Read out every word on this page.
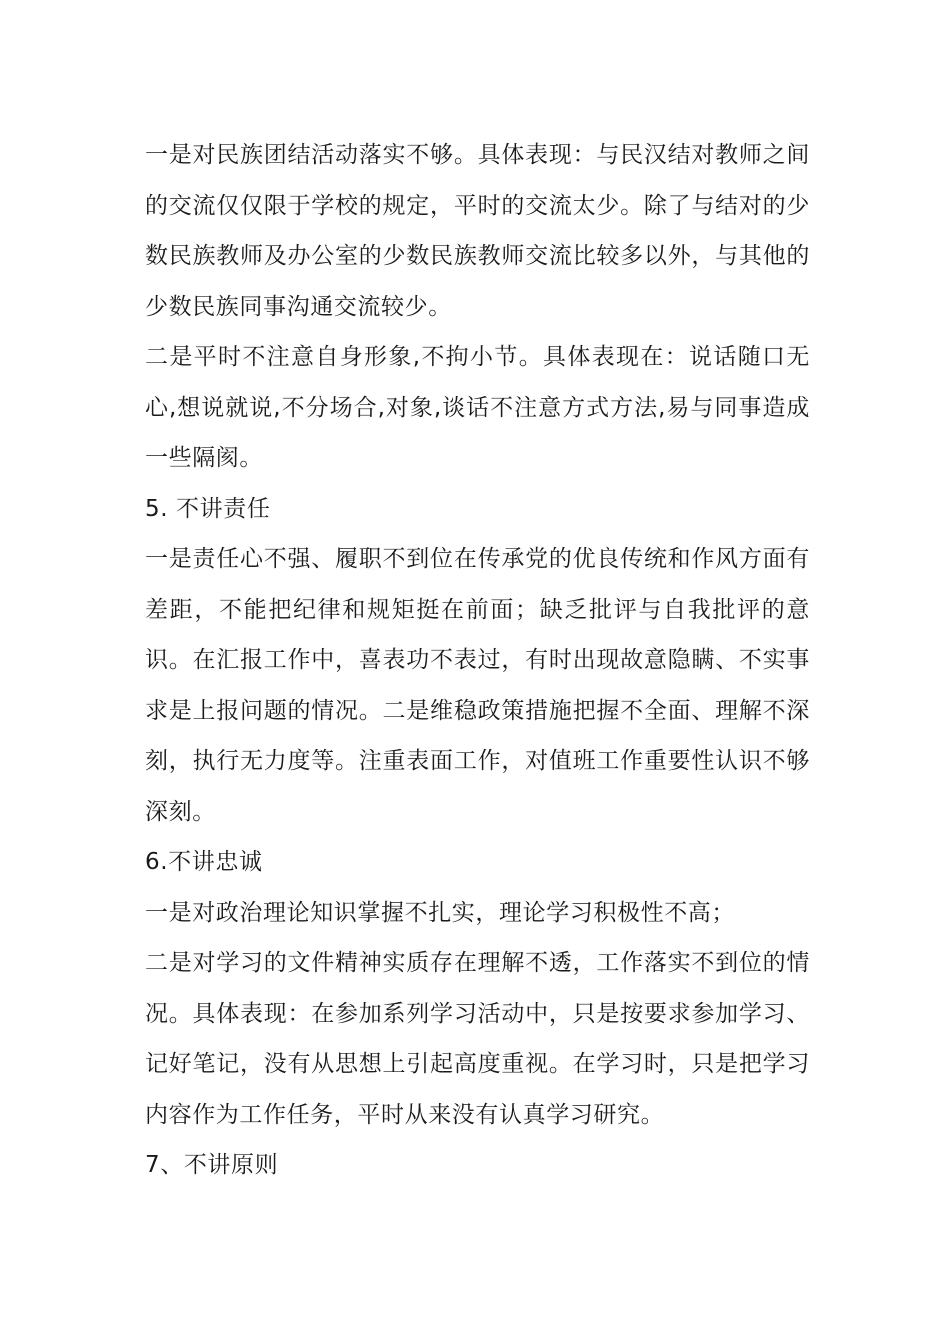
一是对民族团结活动落实不够。具体表现：与民汉结对教师之间的交流仅仅限于学校的规定，平时的交流太少。除了与结对的少数民族教师及办公室的少数民族教师交流比较多以外，与其他的少数民族同事沟通交流较少。

二是平时不注意自身形象,不拘小节。具体表现在：说话随口无心,想说就说,不分场合,对象,谈话不注意方式方法,易与同事造成一些隔阂。

5. 不讲责任

一是责任心不强、履职不到位在传承党的优良传统和作风方面有差距，不能把纪律和规矩挺在前面；缺乏批评与自我批评的意识。在汇报工作中，喜表功不表过，有时出现故意隐瞒、不实事求是上报问题的情况。二是维稳政策措施把握不全面、理解不深刻，执行无力度等。注重表面工作，对值班工作重要性认识不够深刻。

6.不讲忠诚

一是对政治理论知识掌握不扎实，理论学习积极性不高；

二是对学习的文件精神实质存在理解不透，工作落实不到位的情况。具体表现：在参加系列学习活动中，只是按要求参加学习、记好笔记，没有从思想上引起高度重视。在学习时，只是把学习内容作为工作任务，平时从来没有认真学习研究。

7、不讲原则
